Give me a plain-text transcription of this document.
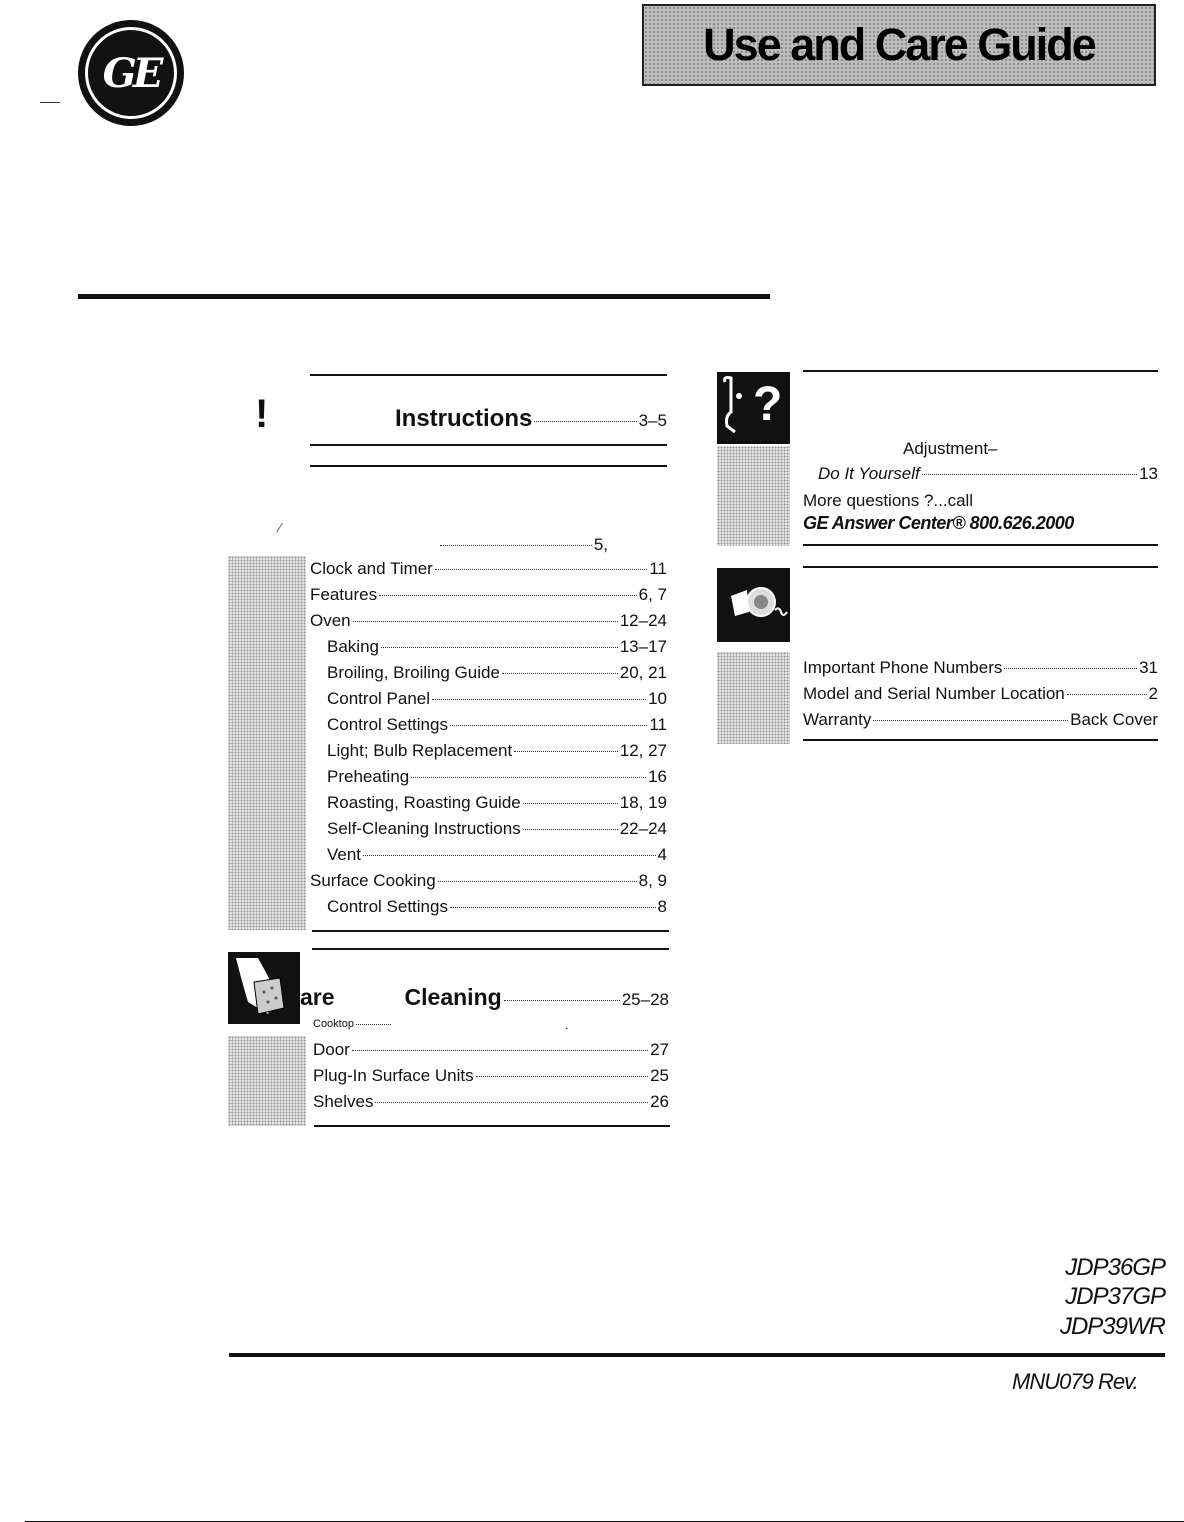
GE
Use and Care Guide
!	Instructions	3–5
⁄
5,
Clock and Timer	11
Features	6, 7
Oven	12–24
Baking	13–17
Broiling, Broiling Guide	20, 21
Control Panel	10
Control Settings	11
Light; Bulb Replacement	12, 27
Preheating	16
Roasting, Roasting Guide	18, 19
Self-Cleaning Instructions	22–24
Vent	4
Surface Cooking	8, 9
Control Settings	8
are	Cleaning	25–28
Cooktop	.
Door	27
Plug-In Surface Units	25
Shelves	26
?
Adjustment–
Do It Yourself	13
More questions ?...call
GE Answer Center® 800.626.2000
Important Phone Numbers	31
Model and Serial Number Location	2
Warranty	Back Cover
JDP36GP
JDP37GP
JDP39WR
MNU079 Rev.
